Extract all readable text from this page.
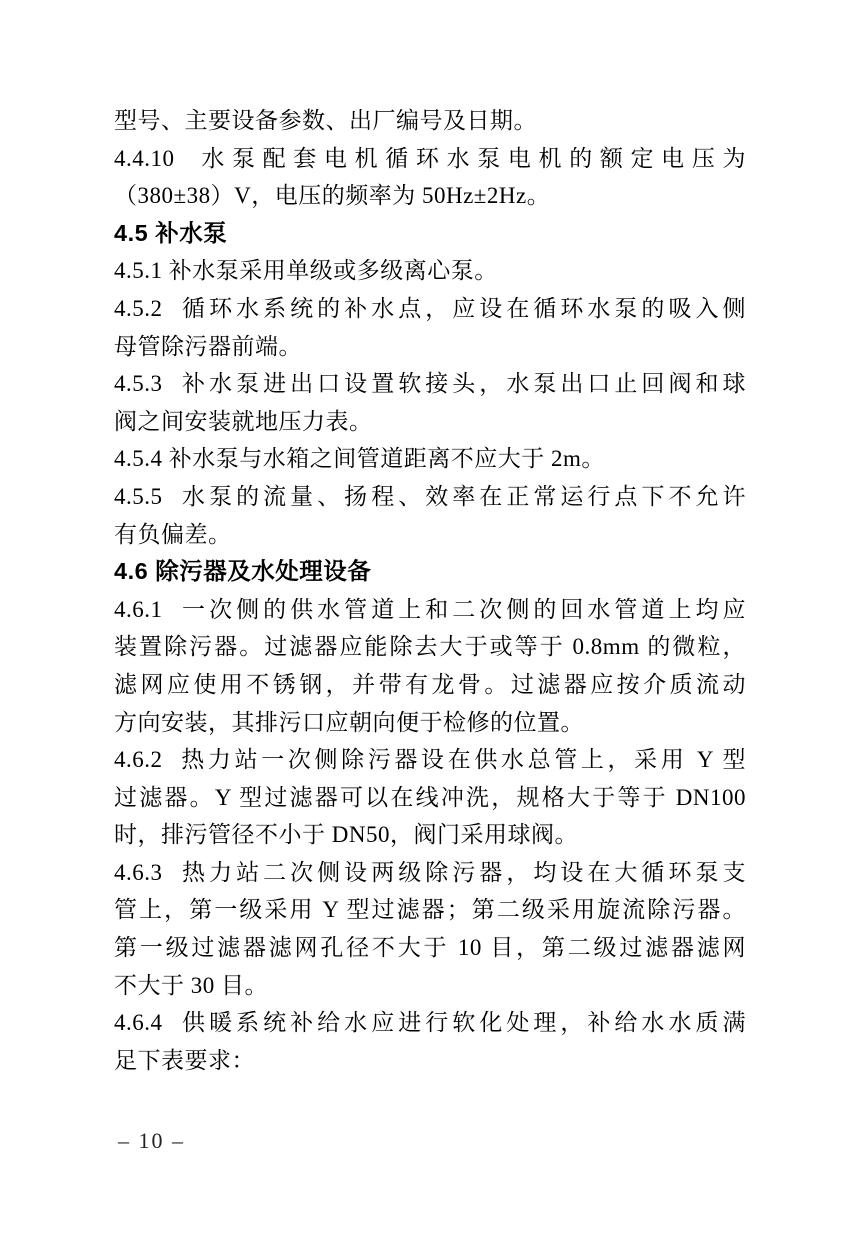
型号、主要设备参数、出厂编号及日期。
4.4.10  水泵配套电机循环水泵电机的额定电压为
（380±38）V，电压的频率为 50Hz±2Hz。
4.5 补水泵
4.5.1 补水泵采用单级或多级离心泵。
4.5.2  循环水系统的补水点，应设在循环水泵的吸入侧
母管除污器前端。
4.5.3  补水泵进出口设置软接头，水泵出口止回阀和球
阀之间安装就地压力表。
4.5.4 补水泵与水箱之间管道距离不应大于 2m。
4.5.5  水泵的流量、扬程、效率在正常运行点下不允许
有负偏差。
4.6 除污器及水处理设备
4.6.1  一次侧的供水管道上和二次侧的回水管道上均应
装置除污器。过滤器应能除去大于或等于 0.8mm 的微粒，
滤网应使用不锈钢，并带有龙骨。过滤器应按介质流动
方向安装，其排污口应朝向便于检修的位置。
4.6.2  热力站一次侧除污器设在供水总管上，采用 Y 型
过滤器。Y 型过滤器可以在线冲洗，规格大于等于 DN100
时，排污管径不小于 DN50，阀门采用球阀。
4.6.3  热力站二次侧设两级除污器，均设在大循环泵支
管上，第一级采用 Y 型过滤器；第二级采用旋流除污器。
第一级过滤器滤网孔径不大于 10 目，第二级过滤器滤网
不大于 30 目。
4.6.4  供暖系统补给水应进行软化处理，补给水水质满
足下表要求：
– 10 –
